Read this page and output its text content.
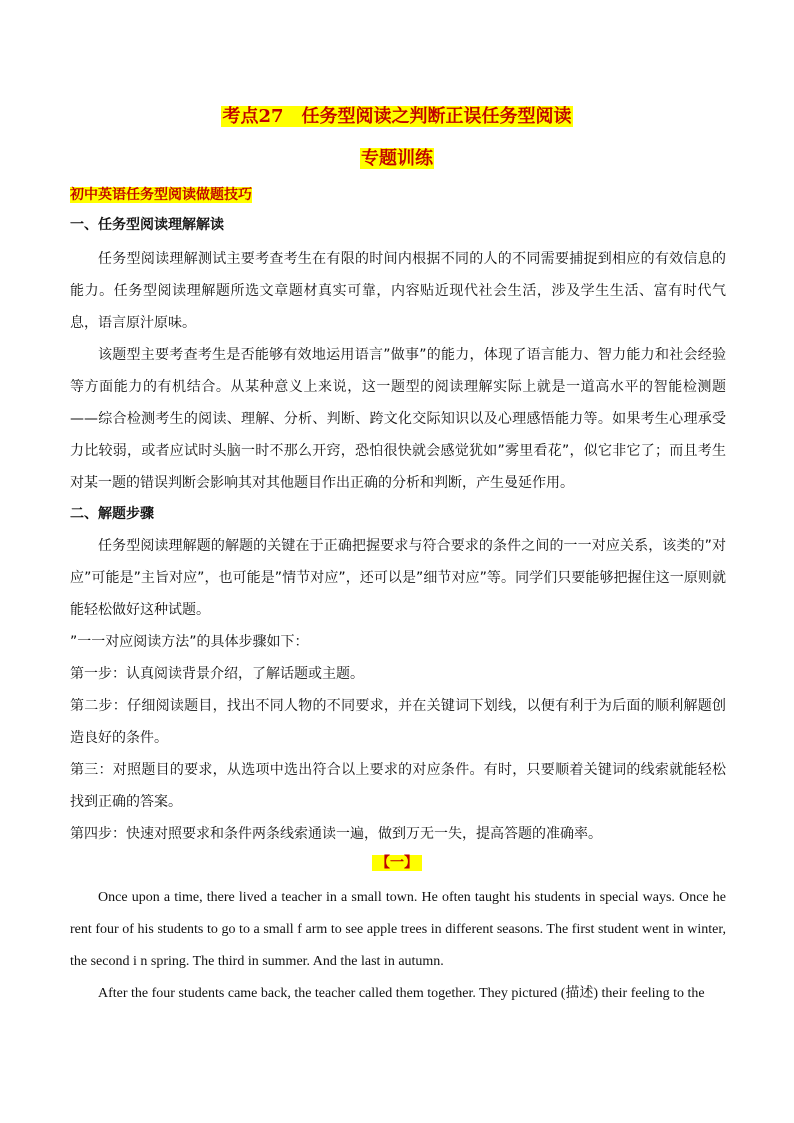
考点27　任务型阅读之判断正误任务型阅读
专题训练
初中英语任务型阅读做题技巧
一、任务型阅读理解解读
任务型阅读理解测试主要考查考生在有限的时间内根据不同的人的不同需要捕捉到相应的有效信息的能力。任务型阅读理解题所选文章题材真实可靠，内容贴近现代社会生活，涉及学生生活、富有时代气息，语言原汁原味。
该题型主要考查考生是否能够有效地运用语言”做事”的能力，体现了语言能力、智力能力和社会经验等方面能力的有机结合。从某种意义上来说，这一题型的阅读理解实际上就是一道高水平的智能检测题——综合检测考生的阅读、理解、分析、判断、跨文化交际知识以及心理感悟能力等。如果考生心理承受力比较弱，或者应试时头脑一时不那么开窍，恐怕很快就会感觉犹如”雾里看花”，似它非它了；而且考生对某一题的错误判断会影响其对其他题目作出正确的分析和判断，产生曼延作用。
二、解题步骤
任务型阅读理解题的解题的关键在于正确把握要求与符合要求的条件之间的一一对应关系，该类的”对应”可能是”主旨对应”，也可能是”情节对应”，还可以是”细节对应”等。同学们只要能够把握住这一原则就能轻松做好这种试题。
”一一对应阅读方法”的具体步骤如下：
第一步：认真阅读背景介绍，了解话题或主题。
第二步：仔细阅读题目，找出不同人物的不同要求，并在关键词下划线，以便有利于为后面的顺利解题创造良好的条件。
第三：对照题目的要求，从选项中选出符合以上要求的对应条件。有时，只要顺着关键词的线索就能轻松找到正确的答案。
第四步：快速对照要求和条件两条线索通读一遍，做到万无一失，提高答题的准确率。
【一】
Once upon a time, there lived a teacher in a small town. He often taught his students in special ways. Once he rent four of his students to go to a small f arm to see apple trees in different seasons. The first student went in winter, the second i n spring. The third in summer. And the last in autumn.
After the four students came back, the teacher called them together. They pictured (描述) their feeling to the
